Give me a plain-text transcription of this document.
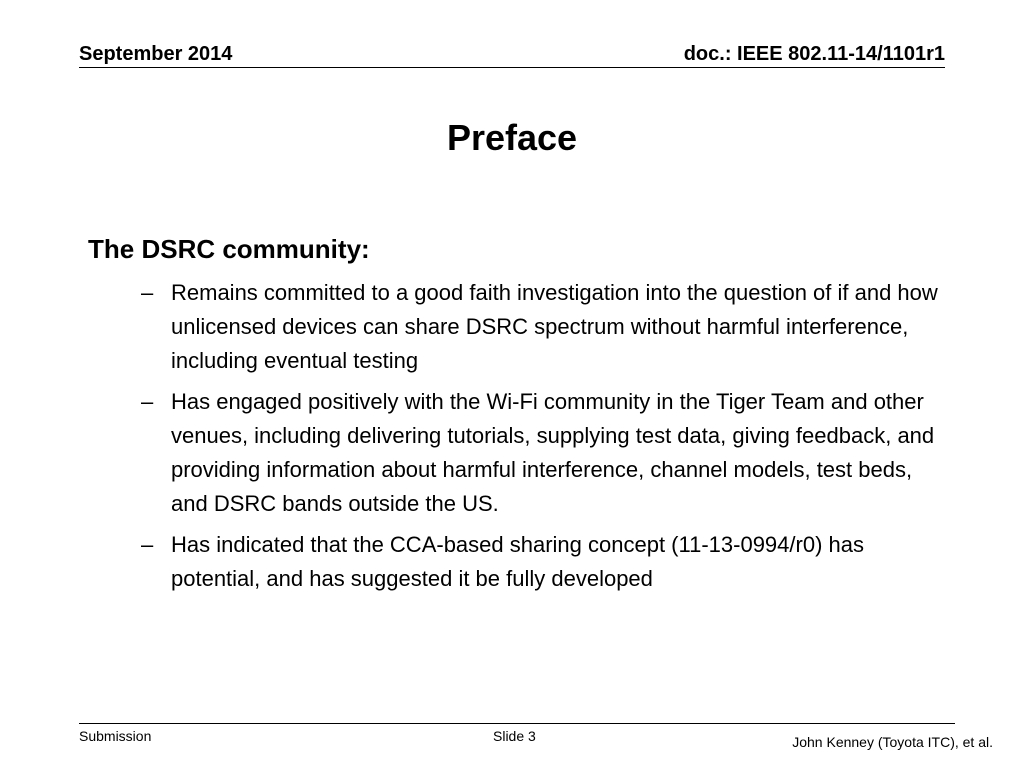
September 2014	doc.: IEEE 802.11-14/1101r1
Preface
The DSRC community:
– Remains committed to a good faith investigation into the question of if and how unlicensed devices can share DSRC spectrum without harmful interference, including eventual testing
– Has engaged positively with the Wi-Fi community in the Tiger Team and other venues, including delivering tutorials, supplying test data, giving feedback, and providing information about harmful interference, channel models, test beds, and DSRC bands outside the US.
– Has indicated that the CCA-based sharing concept (11-13-0994/r0) has potential, and has suggested it be fully developed
Submission	Slide 3	John Kenney (Toyota ITC), et al.
